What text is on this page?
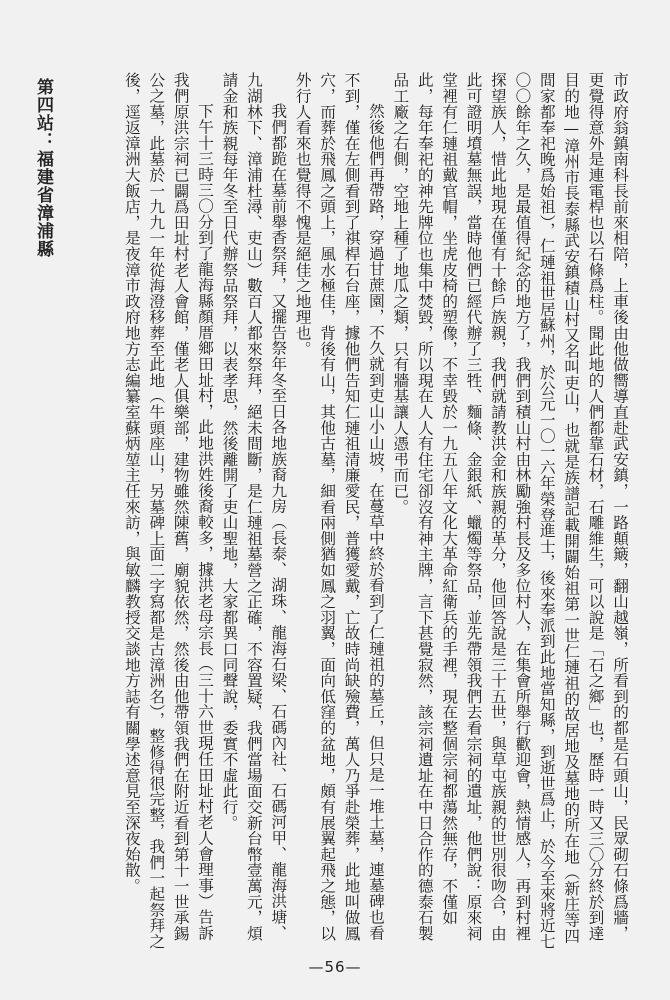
第四站：福建省漳浦縣	市政府翁鎮南科長前來相陪，上車後由他做嚮導直赴武安鎮，一路顛簸，翻山越嶺，所看到的都是石頭山，民眾砌石條爲牆，更覺得意外是連電桿也以石條爲柱。聞此地的人們都靠石材，石雕維生，可以說是「石之鄉」也，歷時一時又三〇分終於到達目的地—漳州市長泰縣武安鎮積山村又名叫吏山，也就是族譜記載開闢始祖第一世仁璉祖的故居地及墓地的所在地（新庄等四間家都奉祀晚爲始祖），仁璉祖世居蘇州，於公元一〇一六年榮登進士，後來奉派到此地當知縣，到逝世爲止，於今至來將近七〇〇餘年之久，是最值得紀念的地方了，我們到積山村由林勵強村長及多位村人，在集會所舉行歡迎會，熱情感人，再到村裡探望族人，惜此地現在僅有十餘戶族親，我們就請教洪金和族親的革分，他回答說是三十五世，與草屯族親的世別很吻合，由此可證明墳墓無誤，當時他們已經代辦了三牲、麵條、金銀紙、蠟燭等祭品，並先帶領我們去看宗祠的遺址，他們說：原來祠堂裡有仁璉祖戴官帽，坐虎皮椅的塑像，不幸毀於一九五八年文化大革命紅衛兵的手裡，現在整個宗祠都蕩然無存，不僅如此，每年奉祀的神先牌位也集中焚毀，所以現在人人有住宅卻沒有神主牌，言下甚覺寂然，該宗祠遺址在中日合作的德泰石製品工廠之右側，空地上種了地瓜之類，只有牆基讓人憑弔而已。

然後他們再帶路，穿過甘蔗園，不久就到吏山小山坡，在蔓草中終於看到了仁璉祖的墓丘，但只是一堆土墓，連墓碑也看不到，僅在左側看到了祺桿石台座，據他們告知仁璉祖清廉愛民，普獲愛戴，亡故時尚缺殮費，萬人乃爭赴榮葬，此地叫做鳳穴，而葬於飛鳳之頭上，風水極佳，背後有山，其他古墓，細看兩側猶如鳳之羽翼，面向低窪的盆地，頗有展翼起飛之態，以外行人看來也覺得不愧是絕佳之地理也。

我們都跪在墓前舉香祭拜，又擺告祭年冬至日各地族裔九房（長泰、湖珠、龍海石梁、石碼內社、石碼河甲、龍海洪塘、九湖林下、漳浦杜潯、吏山）數百人都來祭拜，絕未間斷，是仁璉祖墓營之正確，不容置疑，我們當場面交新台幣壹萬元，煩請金和族親每年冬至日代辦祭品祭拜，以表孝思，然後離開了吏山聖地，大家都異口同聲說，委實不虛此行。

下午十三時三〇分到了龍海縣顏厝鄉田址村，此地洪姓後裔較多，據洪老母宗長（三十六世現任田址村老人會理事）告訴我們原洪宗祠已闢爲田址村老人會館，僅老人俱樂部，建物雖然陳舊，廟貌依然，然後由他帶領我們在附近看到第十一世承錫公之墓，此墓於一九九一年從海澄移葬至此地（牛頭座山，另墓碑上面二字寫都是古漳洲名），整修得很完整，我們一起祭拜之後，逕返漳洲大飯店，是夜漳市政府地方志編纂室蘇炳堃主任來訪，與敏麟教授交談地方誌有關學述意見至深夜始散。

—56—
